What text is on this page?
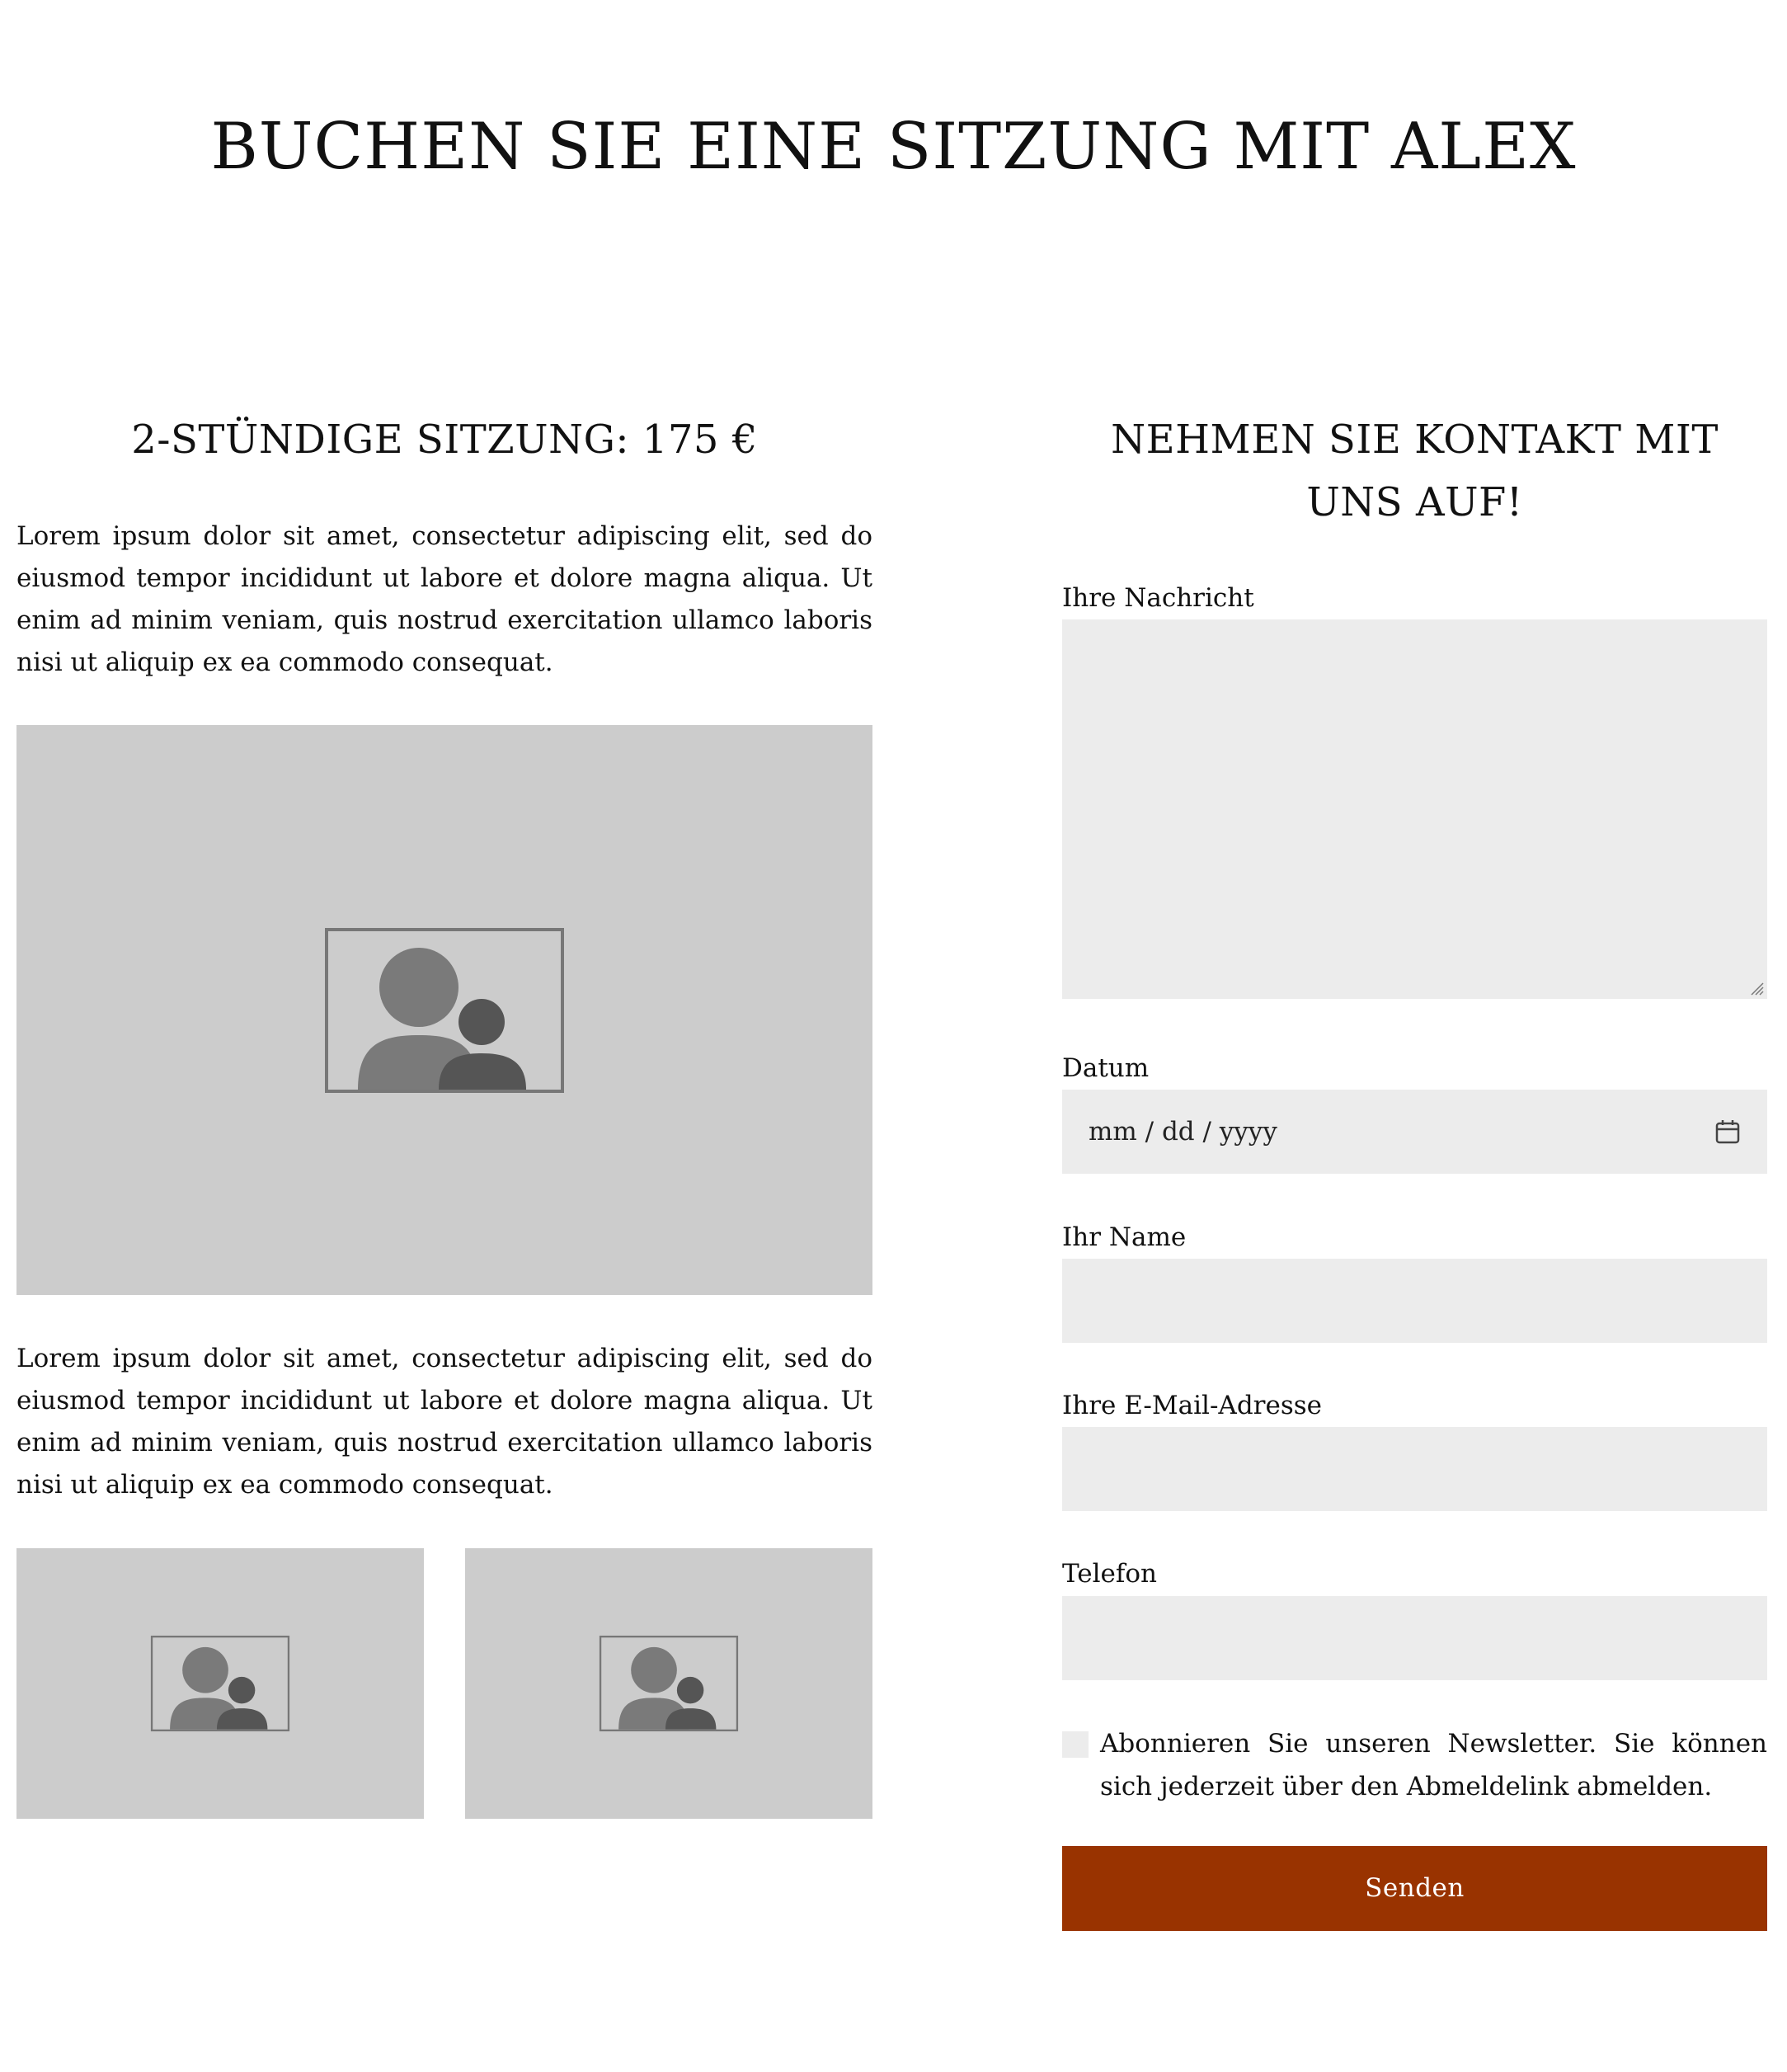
BUCHEN SIE EINE SITZUNG MIT ALEX
2-STÜNDIGE SITZUNG: 175 €

Lorem ipsum dolor sit amet, consectetur adipiscing elit, sed do eiusmod tempor incididunt ut labore et dolore magna aliqua. Ut enim ad minim veniam, quis nostrud exercitation ullamco laboris nisi ut aliquip ex ea commodo consequat.

Lorem ipsum dolor sit amet, consectetur adipiscing elit, sed do eiusmod tempor incididunt ut labore et dolore magna aliqua. Ut enim ad minim veniam, quis nostrud exercitation ullamco laboris nisi ut aliquip ex ea commodo consequat.

NEHMEN SIE KONTAKT MIT UNS AUF!
Ihre Nachricht
Datum
mm / dd / yyyy
Ihr Name
Ihre E-Mail-Adresse
Telefon

Abonnieren Sie unseren Newsletter. Sie können sich jederzeit über den Abmeldelink abmelden.

Senden
